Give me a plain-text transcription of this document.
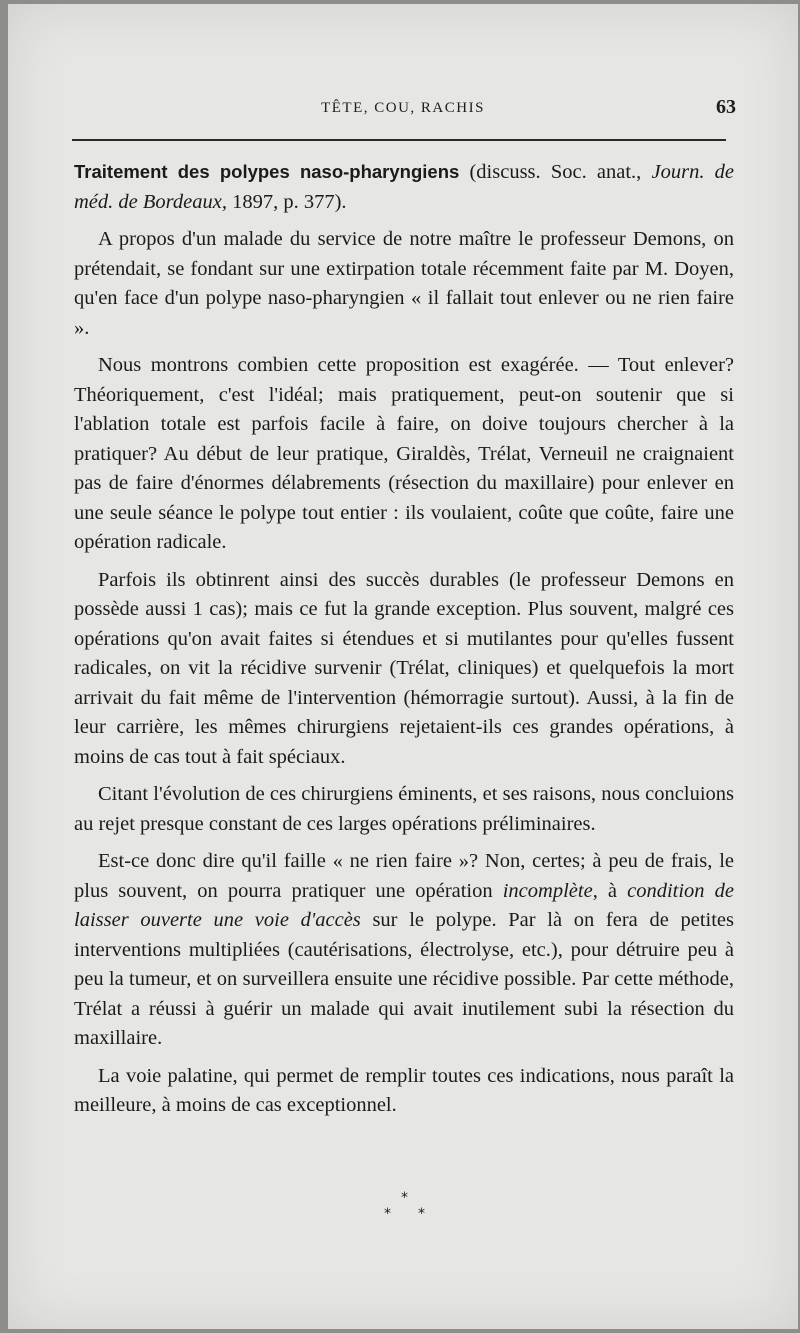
TÊTE, COU, RACHIS	63

Traitement des polypes naso-pharyngiens (discuss. Soc. anat., Journ. de méd. de Bordeaux, 1897, p. 377).

A propos d'un malade du service de notre maître le professeur Demons, on prétendait, se fondant sur une extirpation totale récemment faite par M. Doyen, qu'en face d'un polype naso-pharyngien « il fallait tout enlever ou ne rien faire ».

Nous montrons combien cette proposition est exagérée. — Tout enlever? Théoriquement, c'est l'idéal; mais pratiquement, peut-on soutenir que si l'ablation totale est parfois facile à faire, on doive toujours chercher à la pratiquer? Au début de leur pratique, Giraldès, Trélat, Verneuil ne craignaient pas de faire d'énormes délabrements (résection du maxillaire) pour enlever en une seule séance le polype tout entier : ils voulaient, coûte que coûte, faire une opération radicale.

Parfois ils obtinrent ainsi des succès durables (le professeur Demons en possède aussi 1 cas); mais ce fut la grande exception. Plus souvent, malgré ces opérations qu'on avait faites si étendues et si mutilantes pour qu'elles fussent radicales, on vit la récidive survenir (Trélat, cliniques) et quelquefois la mort arrivait du fait même de l'intervention (hémorragie surtout). Aussi, à la fin de leur carrière, les mêmes chirurgiens rejetaient-ils ces grandes opérations, à moins de cas tout à fait spéciaux.

Citant l'évolution de ces chirurgiens éminents, et ses raisons, nous concluions au rejet presque constant de ces larges opérations préliminaires.

Est-ce donc dire qu'il faille « ne rien faire »? Non, certes; à peu de frais, le plus souvent, on pourra pratiquer une opération incomplète, à condition de laisser ouverte une voie d'accès sur le polype. Par là on fera de petites interventions multipliées (cautérisations, électrolyse, etc.), pour détruire peu à peu la tumeur, et on surveillera ensuite une récidive possible. Par cette méthode, Trélat a réussi à guérir un malade qui avait inutilement subi la résection du maxillaire.

La voie palatine, qui permet de remplir toutes ces indications, nous paraît la meilleure, à moins de cas exceptionnel.

*
* *
